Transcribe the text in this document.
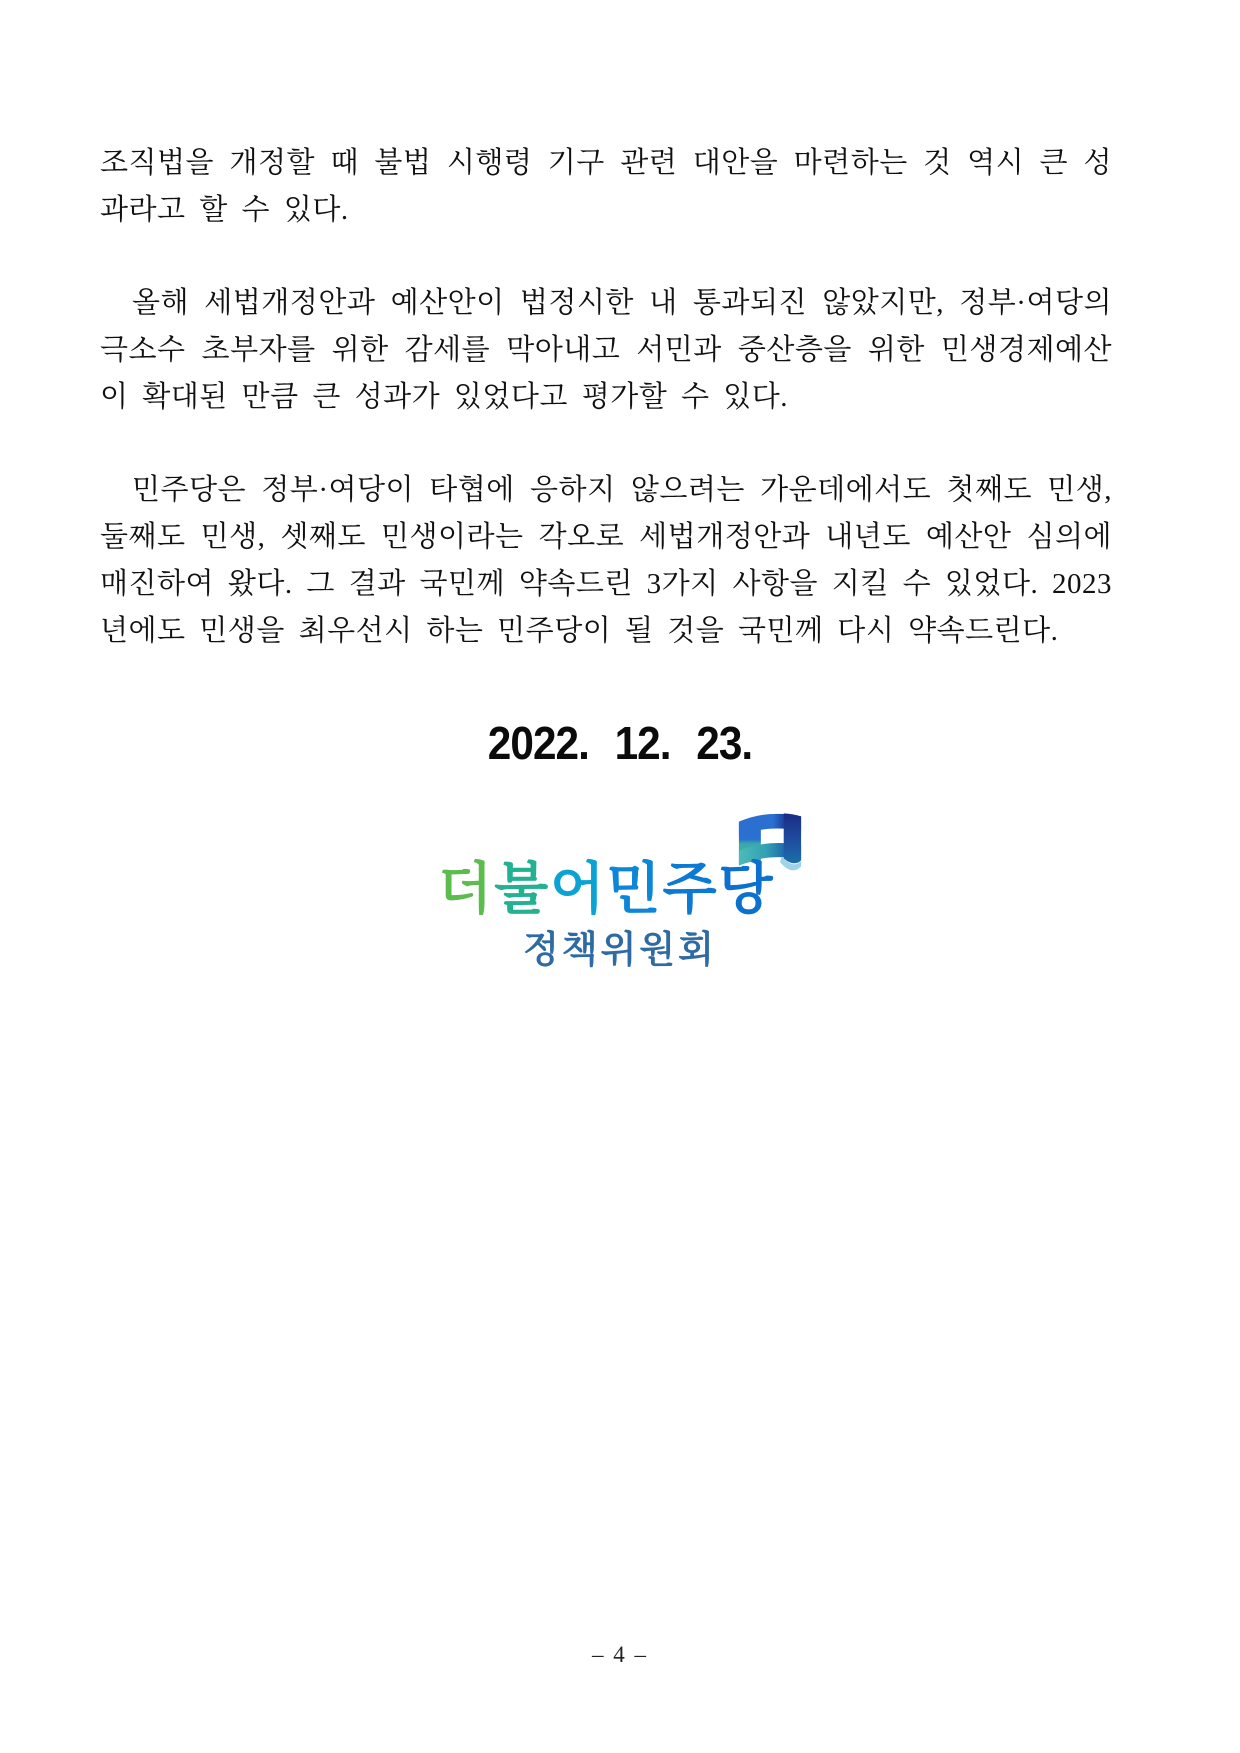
조직법을 개정할 때 불법 시행령 기구 관련 대안을 마련하는 것 역시 큰 성과라고 할 수 있다.

올해 세법개정안과 예산안이 법정시한 내 통과되진 않았지만, 정부·여당의 극소수 초부자를 위한 감세를 막아내고 서민과 중산층을 위한 민생경제예산이 확대된 만큼 큰 성과가 있었다고 평가할 수 있다.

민주당은 정부·여당이 타협에 응하지 않으려는 가운데에서도 첫째도 민생, 둘째도 민생, 셋째도 민생이라는 각오로 세법개정안과 내년도 예산안 심의에 매진하여 왔다. 그 결과 국민께 약속드린 3가지 사항을 지킬 수 있었다. 2023년에도 민생을 최우선시 하는 민주당이 될 것을 국민께 다시 약속드린다.

2022. 12. 23.
더불어민주당
정책위원회
– 4 –
